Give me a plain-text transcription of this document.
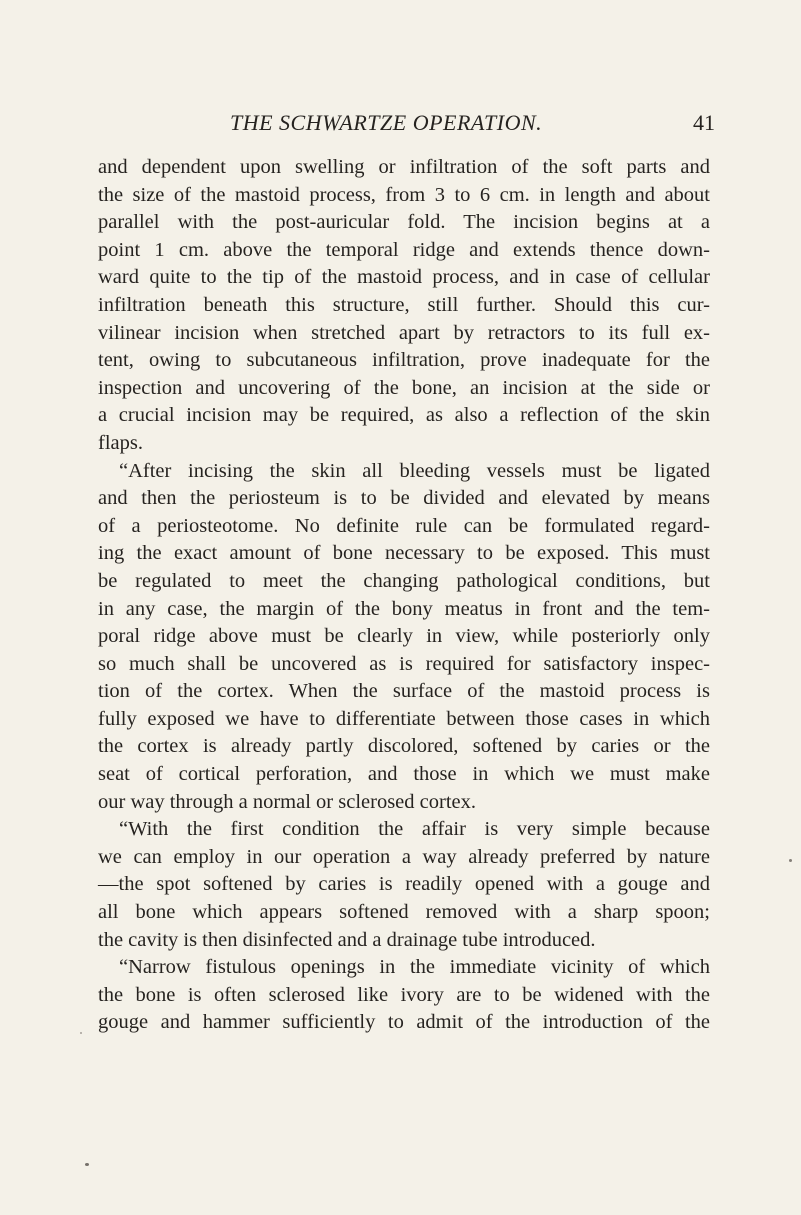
THE SCHWARTZE OPERATION.	41
and dependent upon swelling or infiltration of the soft parts and
the size of the mastoid process, from 3 to 6 cm. in length and about
parallel with the post-auricular fold. The incision begins at a
point 1 cm. above the temporal ridge and extends thence down-
ward quite to the tip of the mastoid process, and in case of cellular
infiltration beneath this structure, still further. Should this cur-
vilinear incision when stretched apart by retractors to its full ex-
tent, owing to subcutaneous infiltration, prove inadequate for the
inspection and uncovering of the bone, an incision at the side or
a crucial incision may be required, as also a reflection of the skin
flaps.
“After incising the skin all bleeding vessels must be ligated
and then the periosteum is to be divided and elevated by means
of a periosteotome. No definite rule can be formulated regard-
ing the exact amount of bone necessary to be exposed. This must
be regulated to meet the changing pathological conditions, but
in any case, the margin of the bony meatus in front and the tem-
poral ridge above must be clearly in view, while posteriorly only
so much shall be uncovered as is required for satisfactory inspec-
tion of the cortex. When the surface of the mastoid process is
fully exposed we have to differentiate between those cases in which
the cortex is already partly discolored, softened by caries or the
seat of cortical perforation, and those in which we must make
our way through a normal or sclerosed cortex.
“With the first condition the affair is very simple because
we can employ in our operation a way already preferred by nature
—the spot softened by caries is readily opened with a gouge and
all bone which appears softened removed with a sharp spoon;
the cavity is then disinfected and a drainage tube introduced.
“Narrow fistulous openings in the immediate vicinity of which
the bone is often sclerosed like ivory are to be widened with the
gouge and hammer sufficiently to admit of the introduction of the
